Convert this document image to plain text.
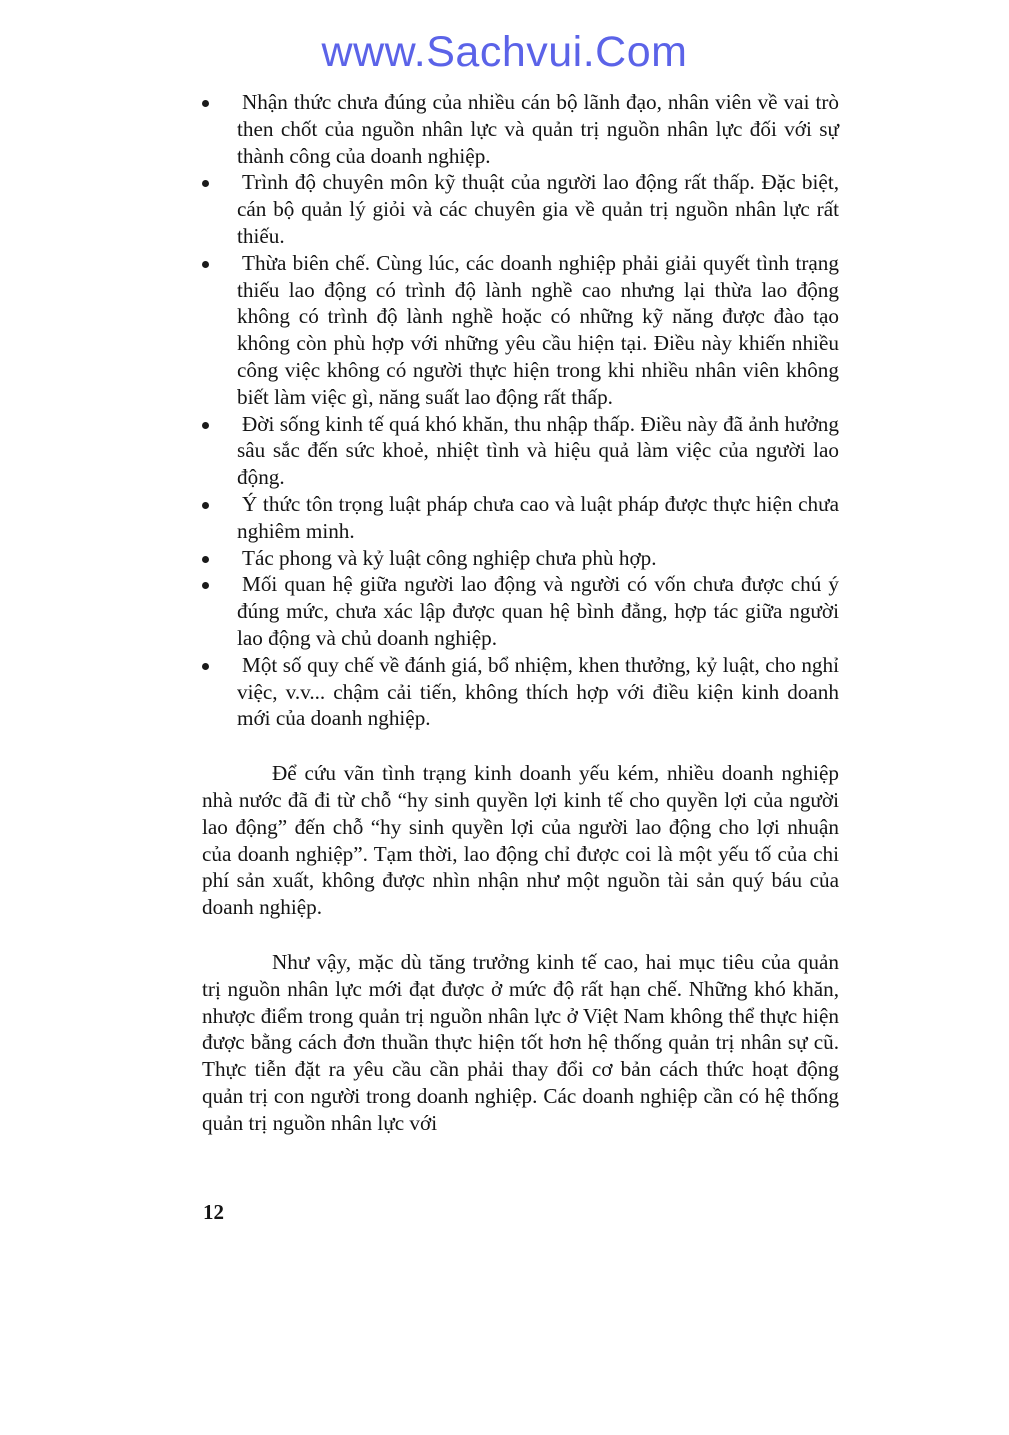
www.Sachvui.Com
Nhận thức chưa đúng của nhiều cán bộ lãnh đạo, nhân viên về vai trò then chốt của nguồn nhân lực và quản trị nguồn nhân lực đối với sự thành công của doanh nghiệp.
Trình độ chuyên môn kỹ thuật của người lao động rất thấp. Đặc biệt, cán bộ quản lý giỏi và các chuyên gia về quản trị nguồn nhân lực rất thiếu.
Thừa biên chế. Cùng lúc, các doanh nghiệp phải giải quyết tình trạng thiếu lao động có trình độ lành nghề cao nhưng lại thừa lao động không có trình độ lành nghề hoặc có những kỹ năng được đào tạo không còn phù hợp với những yêu cầu hiện tại. Điều này khiến nhiều công việc không có người thực hiện trong khi nhiều nhân viên không biết làm việc gì, năng suất lao động rất thấp.
Đời sống kinh tế quá khó khăn, thu nhập thấp. Điều này đã ảnh hưởng sâu sắc đến sức khoẻ, nhiệt tình và hiệu quả làm việc của người lao động.
Ý thức tôn trọng luật pháp chưa cao và luật pháp được thực hiện chưa nghiêm minh.
Tác phong và kỷ luật công nghiệp chưa phù hợp.
Mối quan hệ giữa người lao động và người có vốn chưa được chú ý đúng mức, chưa xác lập được quan hệ bình đẳng, hợp tác giữa người lao động và chủ doanh nghiệp.
Một số quy chế về đánh giá, bổ nhiệm, khen thưởng, kỷ luật, cho nghỉ việc, v.v... chậm cải tiến, không thích hợp với điều kiện kinh doanh mới của doanh nghiệp.

Để cứu vãn tình trạng kinh doanh yếu kém, nhiều doanh nghiệp nhà nước đã đi từ chỗ “hy sinh quyền lợi kinh tế cho quyền lợi của người lao động” đến chỗ “hy sinh quyền lợi của người lao động cho lợi nhuận của doanh nghiệp”. Tạm thời, lao động chỉ được coi là một yếu tố của chi phí sản xuất, không được nhìn nhận như một nguồn tài sản quý báu của doanh nghiệp.

Như vậy, mặc dù tăng trưởng kinh tế cao, hai mục tiêu của quản trị nguồn nhân lực mới đạt được ở mức độ rất hạn chế. Những khó khăn, nhược điểm trong quản trị nguồn nhân lực ở Việt Nam không thể thực hiện được bằng cách đơn thuần thực hiện tốt hơn hệ thống quản trị nhân sự cũ. Thực tiễn đặt ra yêu cầu cần phải thay đổi cơ bản cách thức hoạt động quản trị con người trong doanh nghiệp. Các doanh nghiệp cần có hệ thống quản trị nguồn nhân lực với

12
